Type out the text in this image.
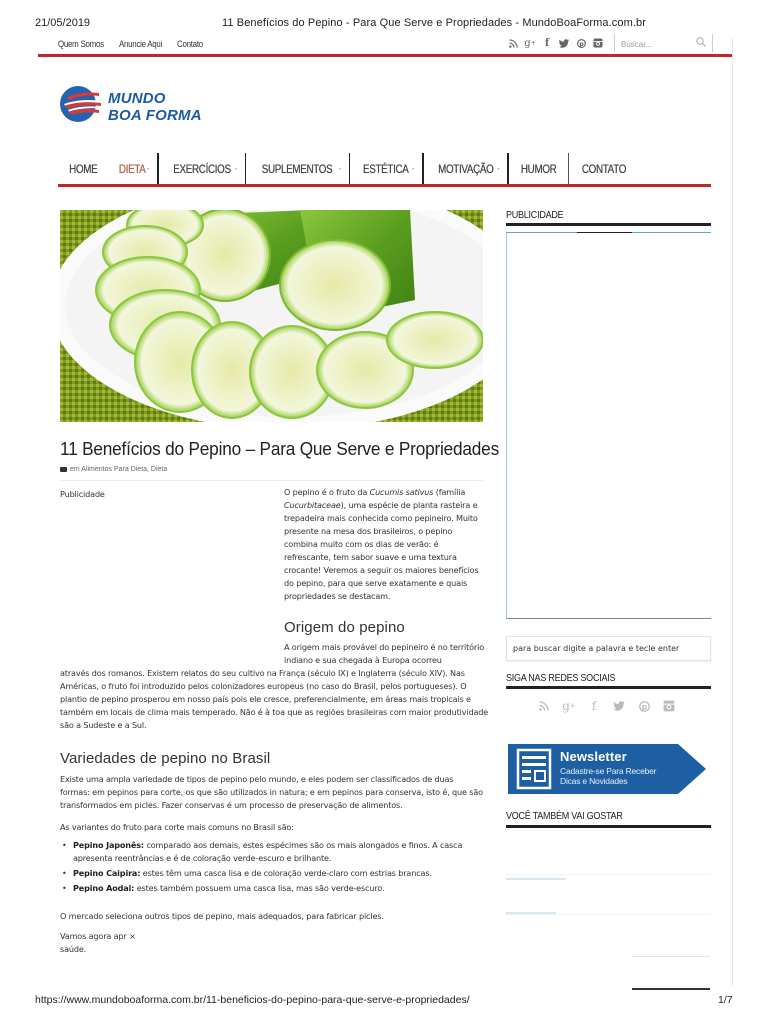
21/05/2019	11 Benefícios do Pepino - Para Que Serve e Propriedades - MundoBoaForma.com.br
Quem Somos Anuncie Aqui Contato	g + f	p
Buscar...
MUNDO
BOA FORMA
HOME DIETA - EXERCÍCIOS - SUPLEMENTOS - ESTÉTICA - MOTIVAÇÃO - HUMOR CONTATO
11 Benefícios do Pepino – Para Que Serve e Propriedades
em Alimentos Para Dieta, Dieta
Publicidade	O pepino é o fruto da Cucumis sativus (família Cucurbitaceae), uma espécie de planta rasteira e trepadeira mais conhecida como pepineiro. Muito presente na mesa dos brasileiros, o pepino combina muito com os dias de verão: é refrescante, tem sabor suave e uma textura crocante! Veremos a seguir os maiores benefícios do pepino, para que serve exatamente e quais propriedades se destacam.
Origem do pepino
A origem mais provável do pepineiro é no território indiano e sua chegada à Europa ocorreu
através dos romanos. Existem relatos do seu cultivo na França (século IX) e Inglaterra (século XIV). Nas Américas, o fruto foi introduzido pelos colonizadores europeus (no caso do Brasil, pelos portugueses). O plantio de pepino prosperou em nosso país pois ele cresce, preferencialmente, em áreas mais tropicais e também em locais de clima mais temperado. Não é à toa que as regiões brasileiras com maior produtividade são a Sudeste e a Sul.
Variedades de pepino no Brasil
Existe uma ampla variedade de tipos de pepino pelo mundo, e eles podem ser classificados de duas formas: em pepinos para corte, os que são utilizados in natura; e em pepinos para conserva, isto é, que são transformados em picles. Fazer conservas é um processo de preservação de alimentos.
As variantes do fruto para corte mais comuns no Brasil são:
• Pepino Japonês: comparado aos demais, estes espécimes são os mais alongados e finos. A casca apresenta reentrâncias e é de coloração verde-escuro e brilhante.
• Pepino Caipira: estes têm uma casca lisa e de coloração verde-claro com estrias brancas.
• Pepino Aodai: estes também possuem uma casca lisa, mas são verde-escuro.
O mercado seleciona outros tipos de pepino, mais adequados, para fabricar picles.
Vamos agora apr ×
saúde.
PUBLICIDADE
para buscar digite a palavra e tecle enter
SIGA NAS REDES SOCIAIS
g +	f	p
Newsletter
Cadastre-se Para Receber Dicas e Novidades
VOCÊ TAMBÉM VAI GOSTAR
https://www.mundoboaforma.com.br/11-beneficios-do-pepino-para-que-serve-e-propriedades/	1/7
